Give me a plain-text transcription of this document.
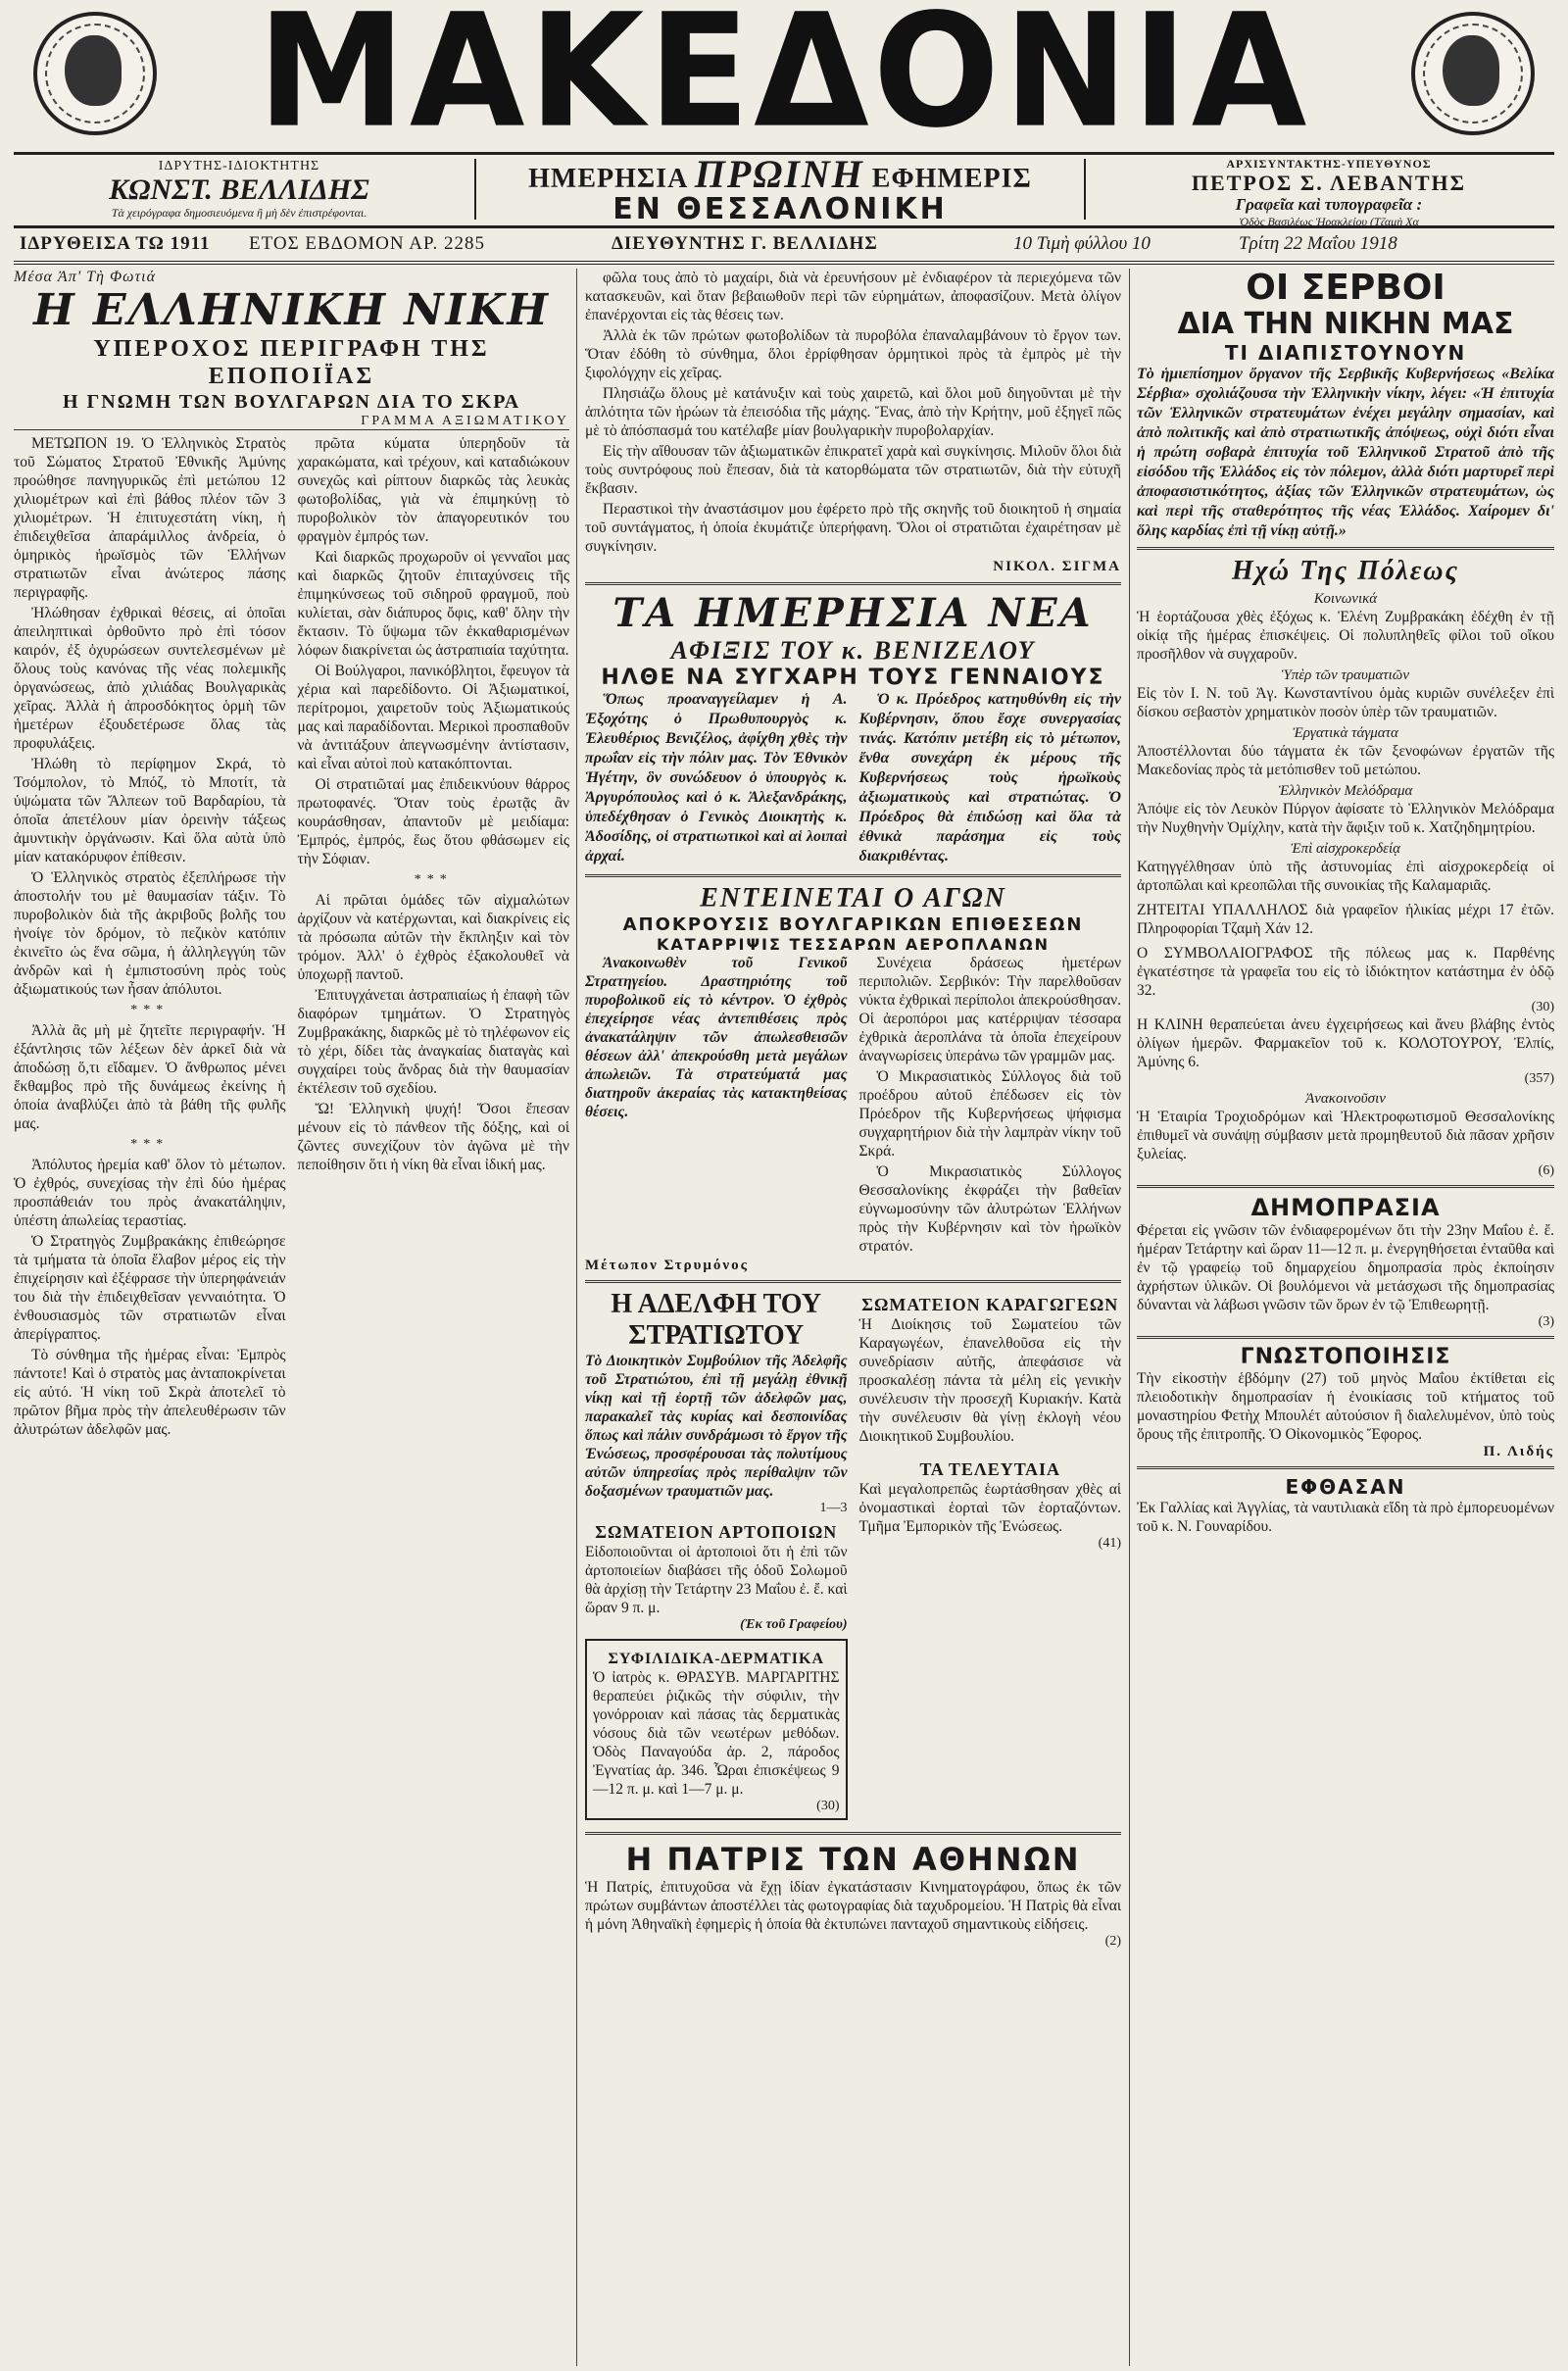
ΜΑΚΕΔΟΝΙΑ
ΙΔΡΥΤΗΣ-ΙΔΙΟΚΤΗΤΗΣ
ΚΩΝΣΤ. ΒΕΛΛΙΔΗΣ
Τὰ χειρόγραφα δημοσιευόμενα ἢ μὴ δὲν ἐπιστρέφονται.
ΗΜΕΡΗΣΙΑ ΠΡΩΙΝΗ ΕΦΗΜΕΡΙΣ
ΕΝ ΘΕΣΣΑΛΟΝΙΚΗ
ΑΡΧΙΣΥΝΤΑΚΤΗΣ-ΥΠΕΥΘΥΝΟΣ
ΠΕΤΡΟΣ Σ. ΛΕΒΑΝΤΗΣ
Γραφεῖα καὶ τυπογραφεῖα :
Ὁδὸς Βασιλέως Ἡρακλείου (Τζαμὴ Χα
ΙΔΡΥΘΕΙΣΑ ΤΩ 1911 ΕΤΟΣ ΕΒΔΟΜΟΝ ΑΡ. 2285	ΔΙΕΥΘΥΝΤΗΣ Γ. ΒΕΛΛΙΔΗΣ	10 Τιμὴ φύλλου 10	Τρίτη 22 Μαΐου 1918
Μέσα Ἀπ' Τὴ Φωτιά
Η ΕΛΛΗΝΙΚΗ ΝΙΚΗ
ΥΠΕΡΟΧΟΣ ΠΕΡΙΓΡΑΦΗ ΤΗΣ ΕΠΟΠΟΙΪΑΣ
Η ΓΝΩΜΗ ΤΩΝ ΒΟΥΛΓΑΡΩΝ ΔΙΑ ΤΟ ΣΚΡΑ
ΓΡΑΜΜΑ ΑΞΙΩΜΑΤΙΚΟΥ

ΜΕΤΩΠΟΝ 19. Ὁ Ἑλληνικὸς Στρατὸς τοῦ Σώματος Στρατοῦ Ἐθνικῆς Ἀμύνης προώθησε πανηγυρικῶς ἐπὶ μετώπου 12 χιλιομέτρων καὶ ἐπὶ βάθος πλέον τῶν 3 χιλιομέτρων. Ἡ ἐπιτυχεστάτη νίκη, ἡ ἐπιδειχθεῖσα ἀπαράμιλλος ἀνδρεία, ὁ ὁμηρικὸς ἡρωϊσμὸς τῶν Ἑλλήνων στρατιωτῶν εἶναι ἀνώτερος πάσης περιγραφῆς.

Ἠλώθησαν ἐχθρικαὶ θέσεις, αἱ ὁποῖαι ἀπειληπτικαὶ ὀρθοῦντο πρὸ ἐπὶ τόσον καιρόν, ἐξ ὀχυρώσεων συντελεσμένων μὲ ὅλους τοὺς κανόνας τῆς νέας πολεμικῆς ὀργανώσεως, ἀπὸ χιλιάδας Βουλγαρικὰς χεῖρας. Ἀλλὰ ἡ ἀπροσδόκητος ὁρμὴ τῶν ἡμετέρων ἐξουδετέρωσε ὅλας τὰς προφυλάξεις.

Ἠλώθη τὸ περίφημον Σκρά, τὸ Τσόμπολον, τὸ Μπόζ, τὸ Μποτίτ, τὰ ὑψώματα τῶν Ἄλπεων τοῦ Βαρδαρίου, τὰ ὁποῖα ἀπετέλουν μίαν ὀρεινὴν τάξεως ἀμυντικὴν ὀργάνωσιν. Καὶ ὅλα αὐτὰ ὑπὸ μίαν κατακόρυφον ἐπίθεσιν.

Ὁ Ἑλληνικὸς στρατὸς ἐξεπλήρωσε τὴν ἀποστολήν του μὲ θαυμασίαν τάξιν. Τὸ πυροβολικὸν διὰ τῆς ἀκριβοῦς βολῆς του ἠνοίγε τὸν δρόμον, τὸ πεζικὸν κατόπιν ἐκινεῖτο ὡς ἕνα σῶμα, ἡ ἀλληλεγγύη τῶν ἀνδρῶν καὶ ἡ ἐμπιστοσύνη πρὸς τοὺς ἀξιωματικούς των ἦσαν ἀπόλυτοι.

***

Ἀλλὰ ἂς μὴ μὲ ζητεῖτε περιγραφήν. Ἡ ἐξάντλησις τῶν λέξεων δὲν ἀρκεῖ διὰ νὰ ἀποδώσῃ ὅ,τι εἴδαμεν. Ὁ ἄνθρωπος μένει ἔκθαμβος πρὸ τῆς δυνάμεως ἐκείνης ἡ ὁποία ἀναβλύζει ἀπὸ τὰ βάθη τῆς φυλῆς μας.

***

Ἀπόλυτος ἡρεμία καθ' ὅλον τὸ μέτωπον. Ὁ ἐχθρός, συνεχίσας τὴν ἐπὶ δύο ἡμέρας προσπάθειάν του πρὸς ἀνακατάληψιν, ὑπέστη ἀπωλείας τεραστίας.

Ὁ Στρατηγὸς Ζυμβρακάκης ἐπιθεώρησε τὰ τμήματα τὰ ὁποῖα ἔλαβον μέρος εἰς τὴν ἐπιχείρησιν καὶ ἐξέφρασε τὴν ὑπερηφάνειάν του διὰ τὴν ἐπιδειχθεῖσαν γενναιότητα. Ὁ ἐνθουσιασμὸς τῶν στρατιωτῶν εἶναι ἀπερίγραπτος.

Τὸ σύνθημα τῆς ἡμέρας εἶναι: Ἐμπρὸς πάντοτε! Καὶ ὁ στρατὸς μας ἀνταποκρίνεται εἰς αὐτό. Ἡ νίκη τοῦ Σκρὰ ἀποτελεῖ τὸ πρῶτον βῆμα πρὸς τὴν ἀπελευθέρωσιν τῶν ἀλυτρώτων ἀδελφῶν μας.

πρῶτα κύματα ὑπερηδοῦν τὰ χαρακώματα, καὶ τρέχουν, καὶ καταδιώκουν συνεχῶς καὶ ρίπτουν διαρκῶς τὰς λευκὰς φωτοβολίδας, γιὰ νὰ ἐπιμηκύνῃ τὸ πυροβολικὸν τὸν ἀπαγορευτικόν του φραγμὸν ἐμπρός των.

Καὶ διαρκῶς προχωροῦν οἱ γενναῖοι μας καὶ διαρκῶς ζητοῦν ἐπιταχύνσεις τῆς ἐπιμηκύνσεως τοῦ σιδηροῦ φραγμοῦ, ποὺ κυλίεται, σὰν διάπυρος ὄφις, καθ' ὅλην τὴν ἔκτασιν. Τὸ ὕψωμα τῶν ἐκκαθαρισμένων λόφων διακρίνεται ὡς ἀστραπιαία ταχύτητα.

Οἱ Βούλγαροι, πανικόβλητοι, ἔφευγον τὰ χέρια καὶ παρεδίδοντο. Οἱ Ἀξιωματικοί, περίτρομοι, χαιρετοῦν τοὺς Ἀξιωματικούς μας καὶ παραδίδονται. Μερικοὶ προσπαθοῦν νὰ ἀντιτάξουν ἀπεγνωσμένην ἀντίστασιν, καὶ εἶναι αὐτοὶ ποὺ κατακόπτονται.

Οἱ στρατιῶταί μας ἐπιδεικνύουν θάρρος πρωτοφανές. Ὅταν τοὺς ἐρωτᾷς ἂν κουράσθησαν, ἀπαντοῦν μὲ μειδίαμα: Ἐμπρός, ἐμπρός, ἕως ὅτου φθάσωμεν εἰς τὴν Σόφιαν.

***

Αἱ πρῶται ὁμάδες τῶν αἰχμαλώτων ἀρχίζουν νὰ κατέρχωνται, καὶ διακρίνεις εἰς τὰ πρόσωπα αὐτῶν τὴν ἔκπληξιν καὶ τὸν τρόμον. Ἀλλ' ὁ ἐχθρὸς ἐξακολουθεῖ νὰ ὑποχωρῇ παντοῦ.

Ἐπιτυγχάνεται ἀστραπιαίως ἡ ἐπαφὴ τῶν διαφόρων τμημάτων. Ὁ Στρατηγὸς Ζυμβρακάκης, διαρκῶς μὲ τὸ τηλέφωνον εἰς τὸ χέρι, δίδει τὰς ἀναγκαίας διαταγὰς καὶ συγχαίρει τοὺς ἄνδρας διὰ τὴν θαυμασίαν ἐκτέλεσιν τοῦ σχεδίου.

Ὤ! Ἑλληνικὴ ψυχή! Ὅσοι ἔπεσαν μένουν εἰς τὸ πάνθεον τῆς δόξης, καὶ οἱ ζῶντες συνεχίζουν τὸν ἀγῶνα μὲ τὴν πεποίθησιν ὅτι ἡ νίκη θὰ εἶναι ἰδική μας.

φῶλα τους ἀπὸ τὸ μαχαίρι, διὰ νὰ ἐρευνήσουν μὲ ἐνδιαφέρον τὰ περιεχόμενα τῶν κατασκευῶν, καὶ ὅταν βεβαιωθοῦν περὶ τῶν εὑρημάτων, ἀποφασίζουν. Μετὰ ὀλίγον ἐπανέρχονται εἰς τὰς θέσεις των.

Ἀλλὰ ἐκ τῶν πρώτων φωτοβολίδων τὰ πυροβόλα ἐπαναλαμβάνουν τὸ ἔργον των. Ὅταν ἐδόθη τὸ σύνθημα, ὅλοι ἐρρίφθησαν ὁρμητικοὶ πρὸς τὰ ἐμπρὸς μὲ τὴν ξιφολόγχην εἰς χεῖρας.

Πλησιάζω ὅλους μὲ κατάνυξιν καὶ τοὺς χαιρετῶ, καὶ ὅλοι μοῦ διηγοῦνται μὲ τὴν ἁπλότητα τῶν ἡρώων τὰ ἐπεισόδια τῆς μάχης. Ἕνας, ἀπὸ τὴν Κρήτην, μοῦ ἐξηγεῖ πῶς μὲ τὸ ἀπόσπασμά του κατέλαβε μίαν βουλγαρικὴν πυροβολαρχίαν.

Εἰς τὴν αἴθουσαν τῶν ἀξιωματικῶν ἐπικρατεῖ χαρὰ καὶ συγκίνησις. Μιλοῦν ὅλοι διὰ τοὺς συντρόφους ποὺ ἔπεσαν, διὰ τὰ κατορθώματα τῶν στρατιωτῶν, διὰ τὴν εὐτυχῆ ἔκβασιν.

Περαστικοὶ τὴν ἀναστάσιμον μου ἐφέρετο πρὸ τῆς σκηνῆς τοῦ διοικητοῦ ἡ σημαία τοῦ συντάγματος, ἡ ὁποία ἐκυμάτιζε ὑπερήφανη. Ὅλοι οἱ στρατιῶται ἐχαιρέτησαν μὲ συγκίνησιν.

ΝΙΚΟΛ. ΣΙΓΜΑ
ΤΑ ΗΜΕΡΗΣΙΑ ΝΕΑ
ΑΦΙΞΙΣ ΤΟΥ κ. ΒΕΝΙΖΕΛΟΥ
ΗΛΘΕ ΝΑ ΣΥΓΧΑΡΗ ΤΟΥΣ ΓΕΝΝΑΙΟΥΣ

Ὅπως προαναγγείλαμεν ἡ Α. Ἐξοχότης ὁ Πρωθυπουργὸς κ. Ἐλευθέριος Βενιζέλος, ἀφίχθη χθὲς τὴν πρωΐαν εἰς τὴν πόλιν μας. Τὸν Ἐθνικὸν Ἡγέτην, ὃν συνώδευον ὁ ὑπουργὸς κ. Ἀργυρόπουλος καὶ ὁ κ. Ἀλεξανδράκης, ὑπεδέχθησαν ὁ Γενικὸς Διοικητὴς κ. Ἀδοσίδης, οἱ στρατιωτικοὶ καὶ αἱ λοιπαὶ ἀρχαί.

Ὁ κ. Πρόεδρος κατηυθύνθη εἰς τὴν Κυβέρνησιν, ὅπου ἔσχε συνεργασίας τινάς. Κατόπιν μετέβη εἰς τὸ μέτωπον, ἔνθα συνεχάρη ἐκ μέρους τῆς Κυβερνήσεως τοὺς ἡρωϊκοὺς ἀξιωματικοὺς καὶ στρατιώτας. Ὁ Πρόεδρος θὰ ἐπιδώσῃ καὶ ὅλα τὰ ἐθνικὰ παράσημα εἰς τοὺς διακριθέντας.

ΕΝΤΕΙΝΕΤΑΙ Ο ΑΓΩΝ
ΑΠΟΚΡΟΥΣΙΣ ΒΟΥΛΓΑΡΙΚΩΝ ΕΠΙΘΕΣΕΩΝ
ΚΑΤΑΡΡΙΨΙΣ ΤΕΣΣΑΡΩΝ ΑΕΡΟΠΛΑΝΩΝ

Ἀνακοινωθὲν τοῦ Γενικοῦ Στρατηγείου. Δραστηριότης τοῦ πυροβολικοῦ εἰς τὸ κέντρον. Ὁ ἐχθρὸς ἐπεχείρησε νέας ἀντεπιθέσεις πρὸς ἀνακατάληψιν τῶν ἀπωλεσθεισῶν θέσεων ἀλλ' ἀπεκρούσθη μετὰ μεγάλων ἀπωλειῶν. Τὰ στρατεύματά μας διατηροῦν ἀκεραίας τὰς κατακτηθείσας θέσεις.

Συνέχεια δράσεως ἡμετέρων περιπολιῶν. Σερβικόν: Τὴν παρελθοῦσαν νύκτα ἐχθρικαὶ περίπολοι ἀπεκρούσθησαν. Οἱ ἀεροπόροι μας κατέρριψαν τέσσαρα ἐχθρικὰ ἀεροπλάνα τὰ ὁποῖα ἐπεχείρουν ἀναγνωρίσεις ὑπεράνω τῶν γραμμῶν μας.

Ὁ Μικρασιατικὸς Σύλλογος διὰ τοῦ προέδρου αὐτοῦ ἐπέδωσεν εἰς τὸν Πρόεδρον τῆς Κυβερνήσεως ψήφισμα συγχαρητήριον διὰ τὴν λαμπρὰν νίκην τοῦ Σκρά.

Ὁ Μικρασιατικὸς Σύλλογος Θεσσαλονίκης ἐκφράζει τὴν βαθεῖαν εὐγνωμοσύνην τῶν ἀλυτρώτων Ἑλλήνων πρὸς τὴν Κυβέρνησιν καὶ τὸν ἡρωϊκὸν στρατόν.

Μέτωπον Στρυμόνος
Η ΑΔΕΛΦΗ ΤΟΥ ΣΤΡΑΤΙΩΤΟΥ
Τὸ Διοικητικὸν Συμβούλιον τῆς Ἀδελφῆς τοῦ Στρατιώτου, ἐπὶ τῇ μεγάλῃ ἐθνικῇ νίκῃ καὶ τῇ ἐορτῇ τῶν ἀδελφῶν μας, παρακαλεῖ τὰς κυρίας καὶ δεσποινίδας ὅπως καὶ πάλιν συνδράμωσι τὸ ἔργον τῆς Ἑνώσεως, προσφέρουσαι τὰς πολυτίμους αὐτῶν ὑπηρεσίας πρὸς περίθαλψιν τῶν δοξασμένων τραυματιῶν μας.
1—3
ΣΩΜΑΤΕΙΟΝ ΑΡΤΟΠΟΙΩΝ
Εἰδοποιοῦνται οἱ ἀρτοποιοὶ ὅτι ἡ ἐπὶ τῶν ἀρτοποιείων διαβάσει τῆς ὁδοῦ Σολωμοῦ θὰ ἀρχίσῃ τὴν Τετάρτην 23 Μαΐου ἐ. ἔ. καὶ ὥραν 9 π. μ.
(Ἐκ τοῦ Γραφείου)
ΣΥΦΙΛΙΔΙΚΑ-ΔΕΡΜΑΤΙΚΑ
Ὁ ἰατρὸς κ. ΘΡΑΣΥΒ. ΜΑΡΓΑΡΙΤΗΣ θεραπεύει ῥιζικῶς τὴν σύφιλιν, τὴν γονόρροιαν καὶ πάσας τὰς δερματικὰς νόσους διὰ τῶν νεωτέρων μεθόδων. Ὁδὸς Παναγούδα ἀρ. 2, πάροδος Ἐγνατίας ἀρ. 346. Ὧραι ἐπισκέψεως 9—12 π. μ. καὶ 1—7 μ. μ.
(30)
ΣΩΜΑΤΕΙΟΝ ΚΑΡΑΓΩΓΕΩΝ
Ἡ Διοίκησις τοῦ Σωματείου τῶν Καραγωγέων, ἐπανελθοῦσα εἰς τὴν συνεδρίασιν αὐτῆς, ἀπεφάσισε νὰ προσκαλέσῃ πάντα τὰ μέλη εἰς γενικὴν συνέλευσιν τὴν προσεχῆ Κυριακήν. Κατὰ τὴν συνέλευσιν θὰ γίνῃ ἐκλογὴ νέου Διοικητικοῦ Συμβουλίου.
ΤΑ ΤΕΛΕΥΤΑΙΑ
Καὶ μεγαλοπρεπῶς ἑωρτάσθησαν χθὲς αἱ ὀνομαστικαὶ ἑορταὶ τῶν ἑορταζόντων. Τμῆμα Ἐμπορικὸν τῆς Ἑνώσεως.
(41)
Η ΠΑΤΡΙΣ ΤΩΝ ΑΘΗΝΩΝ
Ἡ Πατρίς, ἐπιτυχοῦσα νὰ ἔχῃ ἰδίαν ἐγκατάστασιν Κινηματογράφου, ὅπως ἐκ τῶν πρώτων συμβάντων ἀποστέλλει τὰς φωτογραφίας διὰ ταχυδρομείου. Ἡ Πατρὶς θὰ εἶναι ἡ μόνη Ἀθηναϊκὴ ἐφημερὶς ἡ ὁποία θὰ ἐκτυπώνει πανταχοῦ σημαντικοὺς εἰδήσεις.
(2)
ΟΙ ΣΕΡΒΟΙ
ΔΙΑ ΤΗΝ ΝΙΚΗΝ ΜΑΣ
ΤΙ ΔΙΑΠΙΣΤΟΥΝΟΥΝ
Τὸ ἡμιεπίσημον ὄργανον τῆς Σερβικῆς Κυβερνήσεως «Βελίκα Σέρβια» σχολιάζουσα τὴν Ἑλληνικὴν νίκην, λέγει: «Ἡ ἐπιτυχία τῶν Ἑλληνικῶν στρατευμάτων ἐνέχει μεγάλην σημασίαν, καὶ ἀπὸ πολιτικῆς καὶ ἀπὸ στρατιωτικῆς ἀπόψεως, οὐχὶ διότι εἶναι ἡ πρώτη σοβαρὰ ἐπιτυχία τοῦ Ἑλληνικοῦ Στρατοῦ ἀπὸ τῆς εἰσόδου τῆς Ἑλλάδος εἰς τὸν πόλεμον, ἀλλὰ διότι μαρτυρεῖ περὶ ἀποφασιστικότητος, ἀξίας τῶν Ἑλληνικῶν στρατευμάτων, ὡς καὶ περὶ τῆς σταθερότητος τῆς νέας Ἑλλάδος. Χαίρομεν δι' ὅλης καρδίας ἐπὶ τῇ νίκῃ αὐτῇ.»
Ηχώ Της Πόλεως
Κοινωνικά
Ἡ ἑορτάζουσα χθὲς ἐξόχως κ. Ἑλένη Ζυμβρακάκη ἐδέχθη ἐν τῇ οἰκίᾳ τῆς ἡμέρας ἐπισκέψεις. Οἱ πολυπληθεῖς φίλοι τοῦ οἴκου προσῆλθον νὰ συγχαροῦν.
Ὑπὲρ τῶν τραυματιῶν
Εἰς τὸν Ι. Ν. τοῦ Ἁγ. Κωνσταντίνου ὁμὰς κυριῶν συνέλεξεν ἐπὶ δίσκου σεβαστὸν χρηματικὸν ποσὸν ὑπὲρ τῶν τραυματιῶν.
Ἐργατικὰ τάγματα
Ἀποστέλλονται δύο τάγματα ἐκ τῶν ξενοφώνων ἐργατῶν τῆς Μακεδονίας πρὸς τὰ μετόπισθεν τοῦ μετώπου.
Ἑλληνικὸν Μελόδραμα
Ἀπόψε εἰς τὸν Λευκὸν Πύργον ἀφίσατε τὸ Ἑλληνικὸν Μελόδραμα τὴν Νυχθηνὴν Ὀμίχλην, κατὰ τὴν ἄφιξιν τοῦ κ. Χατζηδημητρίου.
Ἐπὶ αἰσχροκερδείᾳ
Κατηγγέλθησαν ὑπὸ τῆς ἀστυνομίας ἐπὶ αἰσχροκερδείᾳ οἱ ἀρτοπῶλαι καὶ κρεοπῶλαι τῆς συνοικίας τῆς Καλαμαριᾶς.
ΖΗΤΕΙΤΑΙ ΥΠΑΛΛΗΛΟΣ διὰ γραφεῖον ἡλικίας μέχρι 17 ἐτῶν. Πληροφορίαι Τζαμὴ Χάν 12.
Ο ΣΥΜΒΟΛΑΙΟΓΡΑΦΟΣ τῆς πόλεως μας κ. Παρθένης ἐγκατέστησε τὰ γραφεῖα του εἰς τὸ ἰδιόκτητον κατάστημα ἐν ὁδῷ 32.
(30)
Η ΚΛΙΝΗ θεραπεύεται ἀνευ ἐγχειρήσεως καὶ ἄνευ βλάβης ἐντὸς ὀλίγων ἡμερῶν. Φαρμακεῖον τοῦ κ. ΚΟΛΟΤΟΥΡΟΥ, Ἐλπίς, Ἀμύνης 6.
(357)
Ἀνακοινοῦσιν
Ἡ Ἑταιρία Τροχιοδρόμων καὶ Ἠλεκτροφωτισμοῦ Θεσσαλονίκης ἐπιθυμεῖ νὰ συνάψῃ σύμβασιν μετὰ προμηθευτοῦ διὰ πᾶσαν χρῆσιν ξυλείας.
(6)
ΔΗΜΟΠΡΑΣΙΑ
Φέρεται εἰς γνῶσιν τῶν ἐνδιαφερομένων ὅτι τὴν 23ην Μαΐου ἐ. ἔ. ἡμέραν Τετάρτην καὶ ὥραν 11—12 π. μ. ἐνεργηθήσεται ἐνταῦθα καὶ ἐν τῷ γραφείῳ τοῦ δημαρχείου δημοπρασία πρὸς ἐκποίησιν ἀχρήστων ὑλικῶν. Οἱ βουλόμενοι νὰ μετάσχωσι τῆς δημοπρασίας δύνανται νὰ λάβωσι γνῶσιν τῶν ὅρων ἐν τῷ Ἐπιθεωρητῇ.
(3)
ΓΝΩΣΤΟΠΟΙΗΣΙΣ
Τὴν εἰκοστὴν ἑβδόμην (27) τοῦ μηνὸς Μαΐου ἐκτίθεται εἰς πλειοδοτικὴν δημοπρασίαν ἡ ἐνοικίασις τοῦ κτήματος τοῦ μοναστηρίου Φετὴχ Μπουλέτ αὐτούσιον ἢ διαλελυμένον, ὑπὸ τοὺς ὅρους τῆς ἐπιτροπῆς. Ὁ Οἰκονομικὸς Ἔφορος.
Π. Λιδής
ΕΦΘΑΣΑΝ
Ἐκ Γαλλίας καὶ Ἀγγλίας, τὰ ναυτιλιακὰ εἴδη τὰ πρὸ ἐμπορευομένων τοῦ κ. Ν. Γουναρίδου.
